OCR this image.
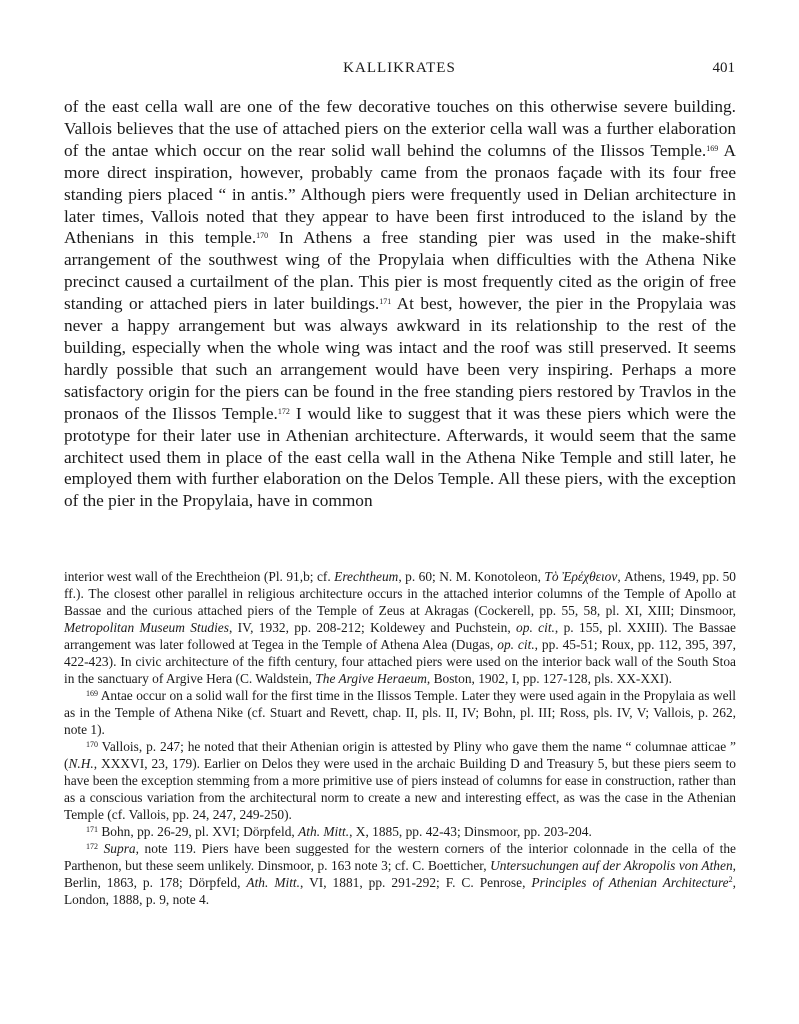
KALLIKRATES	401

of the east cella wall are one of the few decorative touches on this otherwise severe building. Vallois believes that the use of attached piers on the exterior cella wall was a further elaboration of the antae which occur on the rear solid wall behind the columns of the Ilissos Temple.$^{169}$ A more direct inspiration, however, probably came from the pronaos façade with its four free standing piers placed “ in antis.” Although piers were frequently used in Delian architecture in later times, Vallois noted that they appear to have been first introduced to the island by the Athenians in this temple.$^{170}$ In Athens a free standing pier was used in the make-shift arrangement of the southwest wing of the Propylaia when difficulties with the Athena Nike precinct caused a curtailment of the plan. This pier is most frequently cited as the origin of free standing or attached piers in later buildings.$^{171}$ At best, however, the pier in the Propylaia was never a happy arrangement but was always awkward in its relationship to the rest of the building, especially when the whole wing was intact and the roof was still preserved. It seems hardly possible that such an arrangement would have been very inspiring. Perhaps a more satisfactory origin for the piers can be found in the free standing piers restored by Travlos in the pronaos of the Ilissos Temple.$^{172}$ I would like to suggest that it was these piers which were the prototype for their later use in Athenian architecture. Afterwards, it would seem that the same architect used them in place of the east cella wall in the Athena Nike Temple and still later, he employed them with further elaboration on the Delos Temple. All these piers, with the exception of the pier in the Propylaia, have in common

interior west wall of the Erechtheion (Pl. 91,b; cf. Erechtheum, p. 60; N. M. Konotoleon, Τὸ Ἐρέχθειον, Athens, 1949, pp. 50 ff.). The closest other parallel in religious architecture occurs in the attached interior columns of the Temple of Apollo at Bassae and the curious attached piers of the Temple of Zeus at Akragas (Cockerell, pp. 55, 58, pl. XI, XIII; Dinsmoor, Metropolitan Museum Studies, IV, 1932, pp. 208-212; Koldewey and Puchstein, op. cit., p. 155, pl. XXIII). The Bassae arrangement was later followed at Tegea in the Temple of Athena Alea (Dugas, op. cit., pp. 45-51; Roux, pp. 112, 395, 397, 422-423). In civic architecture of the fifth century, four attached piers were used on the interior back wall of the South Stoa in the sanctuary of Argive Hera (C. Waldstein, The Argive Heraeum, Boston, 1902, I, pp. 127-128, pls. XX-XXI).

$^{169}$ Antae occur on a solid wall for the first time in the Ilissos Temple. Later they were used again in the Propylaia as well as in the Temple of Athena Nike (cf. Stuart and Revett, chap. II, pls. II, IV; Bohn, pl. III; Ross, pls. IV, V; Vallois, p. 262, note 1).

$^{170}$ Vallois, p. 247; he noted that their Athenian origin is attested by Pliny who gave them the name “ columnae atticae ” (N.H., XXXVI, 23, 179). Earlier on Delos they were used in the archaic Building D and Treasury 5, but these piers seem to have been the exception stemming from a more primitive use of piers instead of columns for ease in construction, rather than as a conscious variation from the architectural norm to create a new and interesting effect, as was the case in the Athenian Temple (cf. Vallois, pp. 24, 247, 249-250).

$^{171}$ Bohn, pp. 26-29, pl. XVI; Dörpfeld, Ath. Mitt., X, 1885, pp. 42-43; Dinsmoor, pp. 203-204.

$^{172}$ Supra, note 119. Piers have been suggested for the western corners of the interior colonnade in the cella of the Parthenon, but these seem unlikely. Dinsmoor, p. 163 note 3; cf. C. Boetticher, Untersuchungen auf der Akropolis von Athen, Berlin, 1863, p. 178; Dörpfeld, Ath. Mitt., VI, 1881, pp. 291-292; F. C. Penrose, Principles of Athenian Architecture$^2$, London, 1888, p. 9, note 4.
